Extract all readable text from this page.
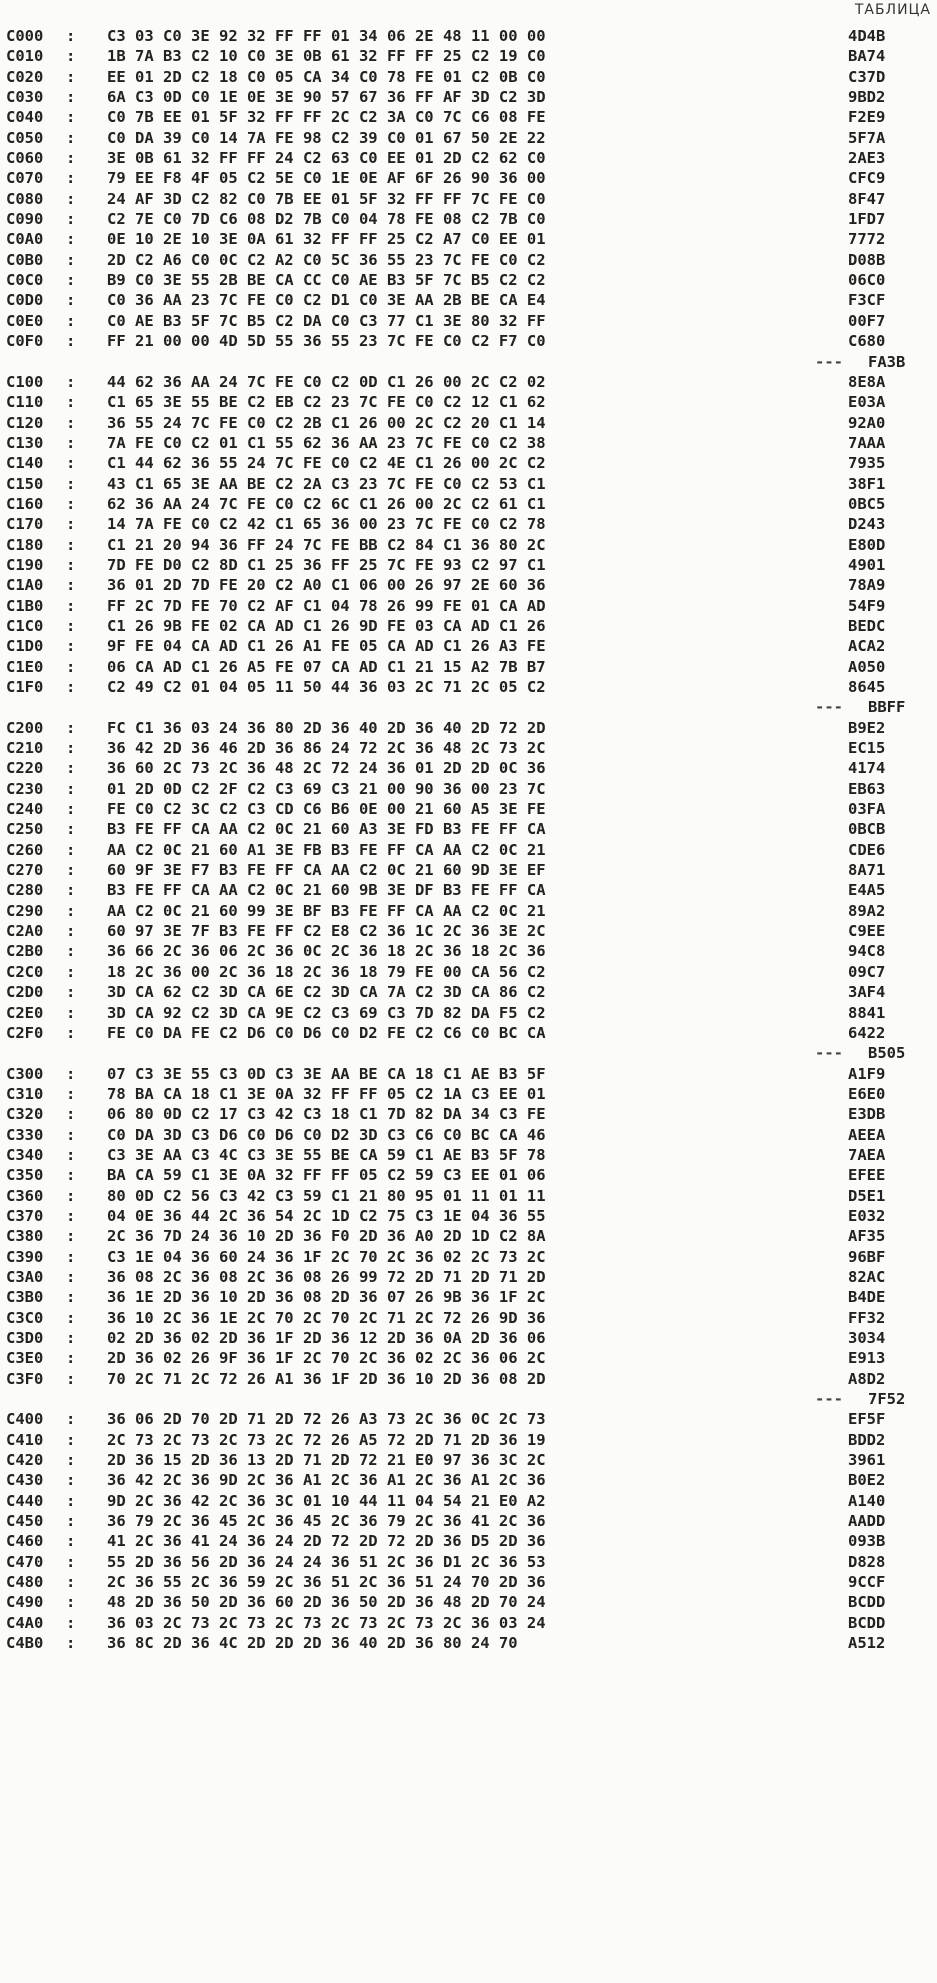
ТАБЛИЦА
C000 : C3 03 C0 3E 92 32 FF FF 01 34 06 2E 48 11 00 00	4D4B
C010 : 1B 7A B3 C2 10 C0 3E 0B 61 32 FF FF 25 C2 19 C0	BA74
C020 : EE 01 2D C2 18 C0 05 CA 34 C0 78 FE 01 C2 0B C0	C37D
C030 : 6A C3 0D C0 1E 0E 3E 90 57 67 36 FF AF 3D C2 3D	9BD2
C040 : C0 7B EE 01 5F 32 FF FF 2C C2 3A C0 7C C6 08 FE	F2E9
C050 : C0 DA 39 C0 14 7A FE 98 C2 39 C0 01 67 50 2E 22	5F7A
C060 : 3E 0B 61 32 FF FF 24 C2 63 C0 EE 01 2D C2 62 C0	2AE3
C070 : 79 EE F8 4F 05 C2 5E C0 1E 0E AF 6F 26 90 36 00	CFC9
C080 : 24 AF 3D C2 82 C0 7B EE 01 5F 32 FF FF 7C FE C0	8F47
C090 : C2 7E C0 7D C6 08 D2 7B C0 04 78 FE 08 C2 7B C0	1FD7
C0A0 : 0E 10 2E 10 3E 0A 61 32 FF FF 25 C2 A7 C0 EE 01	7772
C0B0 : 2D C2 A6 C0 0C C2 A2 C0 5C 36 55 23 7C FE C0 C2	D08B
C0C0 : B9 C0 3E 55 2B BE CA CC C0 AE B3 5F 7C B5 C2 C2	06C0
C0D0 : C0 36 AA 23 7C FE C0 C2 D1 C0 3E AA 2B BE CA E4	F3CF
C0E0 : C0 AE B3 5F 7C B5 C2 DA C0 C3 77 C1 3E 80 32 FF	00F7
C0F0 : FF 21 00 00 4D 5D 55 36 55 23 7C FE C0 C2 F7 C0	C680
--- FA3B
C100 : 44 62 36 AA 24 7C FE C0 C2 0D C1 26 00 2C C2 02	8E8A
C110 : C1 65 3E 55 BE C2 EB C2 23 7C FE C0 C2 12 C1 62	E03A
C120 : 36 55 24 7C FE C0 C2 2B C1 26 00 2C C2 20 C1 14	92A0
C130 : 7A FE C0 C2 01 C1 55 62 36 AA 23 7C FE C0 C2 38	7AAA
C140 : C1 44 62 36 55 24 7C FE C0 C2 4E C1 26 00 2C C2	7935
C150 : 43 C1 65 3E AA BE C2 2A C3 23 7C FE C0 C2 53 C1	38F1
C160 : 62 36 AA 24 7C FE C0 C2 6C C1 26 00 2C C2 61 C1	0BC5
C170 : 14 7A FE C0 C2 42 C1 65 36 00 23 7C FE C0 C2 78	D243
C180 : C1 21 20 94 36 FF 24 7C FE BB C2 84 C1 36 80 2C	E80D
C190 : 7D FE D0 C2 8D C1 25 36 FF 25 7C FE 93 C2 97 C1	4901
C1A0 : 36 01 2D 7D FE 20 C2 A0 C1 06 00 26 97 2E 60 36	78A9
C1B0 : FF 2C 7D FE 70 C2 AF C1 04 78 26 99 FE 01 CA AD	54F9
C1C0 : C1 26 9B FE 02 CA AD C1 26 9D FE 03 CA AD C1 26	BEDC
C1D0 : 9F FE 04 CA AD C1 26 A1 FE 05 CA AD C1 26 A3 FE	ACA2
C1E0 : 06 CA AD C1 26 A5 FE 07 CA AD C1 21 15 A2 7B B7	A050
C1F0 : C2 49 C2 01 04 05 11 50 44 36 03 2C 71 2C 05 C2	8645
--- BBFF
C200 : FC C1 36 03 24 36 80 2D 36 40 2D 36 40 2D 72 2D	B9E2
C210 : 36 42 2D 36 46 2D 36 86 24 72 2C 36 48 2C 73 2C	EC15
C220 : 36 60 2C 73 2C 36 48 2C 72 24 36 01 2D 2D 0C 36	4174
C230 : 01 2D 0D C2 2F C2 C3 69 C3 21 00 90 36 00 23 7C	EB63
C240 : FE C0 C2 3C C2 C3 CD C6 B6 0E 00 21 60 A5 3E FE	03FA
C250 : B3 FE FF CA AA C2 0C 21 60 A3 3E FD B3 FE FF CA	0BCB
C260 : AA C2 0C 21 60 A1 3E FB B3 FE FF CA AA C2 0C 21	CDE6
C270 : 60 9F 3E F7 B3 FE FF CA AA C2 0C 21 60 9D 3E EF	8A71
C280 : B3 FE FF CA AA C2 0C 21 60 9B 3E DF B3 FE FF CA	E4A5
C290 : AA C2 0C 21 60 99 3E BF B3 FE FF CA AA C2 0C 21	89A2
C2A0 : 60 97 3E 7F B3 FE FF C2 E8 C2 36 1C 2C 36 3E 2C	C9EE
C2B0 : 36 66 2C 36 06 2C 36 0C 2C 36 18 2C 36 18 2C 36	94C8
C2C0 : 18 2C 36 00 2C 36 18 2C 36 18 79 FE 00 CA 56 C2	09C7
C2D0 : 3D CA 62 C2 3D CA 6E C2 3D CA 7A C2 3D CA 86 C2	3AF4
C2E0 : 3D CA 92 C2 3D CA 9E C2 C3 69 C3 7D 82 DA F5 C2	8841
C2F0 : FE C0 DA FE C2 D6 C0 D6 C0 D2 FE C2 C6 C0 BC CA	6422
--- B505
C300 : 07 C3 3E 55 C3 0D C3 3E AA BE CA 18 C1 AE B3 5F	A1F9
C310 : 78 BA CA 18 C1 3E 0A 32 FF FF 05 C2 1A C3 EE 01	E6E0
C320 : 06 80 0D C2 17 C3 42 C3 18 C1 7D 82 DA 34 C3 FE	E3DB
C330 : C0 DA 3D C3 D6 C0 D6 C0 D2 3D C3 C6 C0 BC CA 46	AEEA
C340 : C3 3E AA C3 4C C3 3E 55 BE CA 59 C1 AE B3 5F 78	7AEA
C350 : BA CA 59 C1 3E 0A 32 FF FF 05 C2 59 C3 EE 01 06	EFEE
C360 : 80 0D C2 56 C3 42 C3 59 C1 21 80 95 01 11 01 11	D5E1
C370 : 04 0E 36 44 2C 36 54 2C 1D C2 75 C3 1E 04 36 55	E032
C380 : 2C 36 7D 24 36 10 2D 36 F0 2D 36 A0 2D 1D C2 8A	AF35
C390 : C3 1E 04 36 60 24 36 1F 2C 70 2C 36 02 2C 73 2C	96BF
C3A0 : 36 08 2C 36 08 2C 36 08 26 99 72 2D 71 2D 71 2D	82AC
C3B0 : 36 1E 2D 36 10 2D 36 08 2D 36 07 26 9B 36 1F 2C	B4DE
C3C0 : 36 10 2C 36 1E 2C 70 2C 70 2C 71 2C 72 26 9D 36	FF32
C3D0 : 02 2D 36 02 2D 36 1F 2D 36 12 2D 36 0A 2D 36 06	3034
C3E0 : 2D 36 02 26 9F 36 1F 2C 70 2C 36 02 2C 36 06 2C	E913
C3F0 : 70 2C 71 2C 72 26 A1 36 1F 2D 36 10 2D 36 08 2D	A8D2
--- 7F52
C400 : 36 06 2D 70 2D 71 2D 72 26 A3 73 2C 36 0C 2C 73	EF5F
C410 : 2C 73 2C 73 2C 73 2C 72 26 A5 72 2D 71 2D 36 19	BDD2
C420 : 2D 36 15 2D 36 13 2D 71 2D 72 21 E0 97 36 3C 2C	3961
C430 : 36 42 2C 36 9D 2C 36 A1 2C 36 A1 2C 36 A1 2C 36	B0E2
C440 : 9D 2C 36 42 2C 36 3C 01 10 44 11 04 54 21 E0 A2	A140
C450 : 36 79 2C 36 45 2C 36 45 2C 36 79 2C 36 41 2C 36	AADD
C460 : 41 2C 36 41 24 36 24 2D 72 2D 72 2D 36 D5 2D 36	093B
C470 : 55 2D 36 56 2D 36 24 24 36 51 2C 36 D1 2C 36 53	D828
C480 : 2C 36 55 2C 36 59 2C 36 51 2C 36 51 24 70 2D 36	9CCF
C490 : 48 2D 36 50 2D 36 60 2D 36 50 2D 36 48 2D 70 24	BCDD
C4A0 : 36 03 2C 73 2C 73 2C 73 2C 73 2C 73 2C 36 03 24	BCDD
C4B0 : 36 8C 2D 36 4C 2D 2D 2D 36 40 2D 36 80 24 70	A512
